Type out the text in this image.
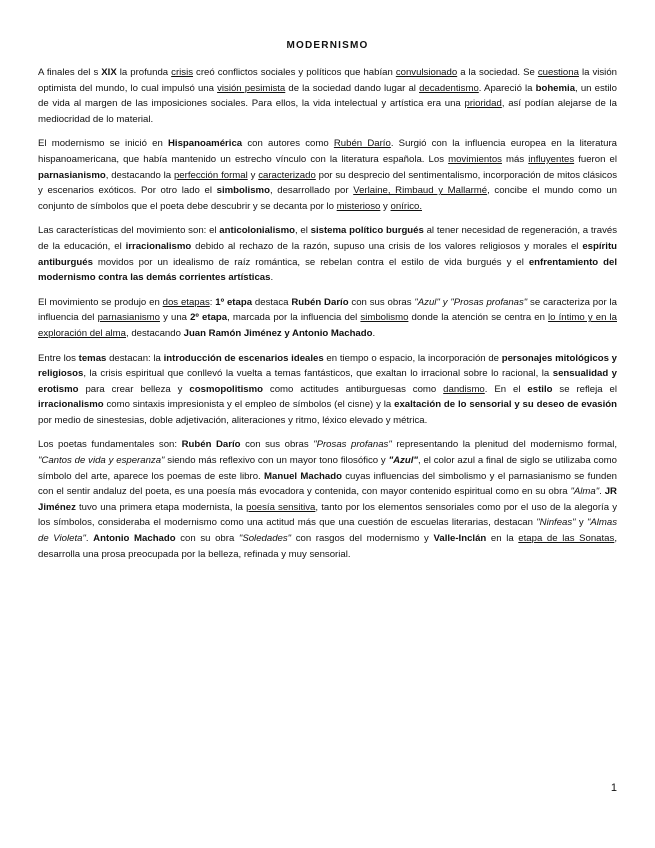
MODERNISMO

A finales del s XIX la profunda crisis creó conflictos sociales y políticos que habían convulsionado a la sociedad. Se cuestiona la visión optimista del mundo, lo cual impulsó una visión pesimista de la sociedad dando lugar al decadentismo. Apareció la bohemia, un estilo de vida al margen de las imposiciones sociales. Para ellos, la vida intelectual y artística era una prioridad, así podían alejarse de la mediocridad de lo material.

El modernismo se inició en Hispanoamérica con autores como Rubén Darío. Surgió con la influencia europea en la literatura hispanoamericana, que había mantenido un estrecho vínculo con la literatura española. Los movimientos más influyentes fueron el parnasianismo, destacando la perfección formal y caracterizado por su desprecio del sentimentalismo, incorporación de mitos clásicos y escenarios exóticos. Por otro lado el simbolismo, desarrollado por Verlaine, Rimbaud y Mallarmé, concibe el mundo como un conjunto de símbolos que el poeta debe descubrir y se decanta por lo misterioso y onírico.

Las características del movimiento son: el anticolonialismo, el sistema político burgués al tener necesidad de regeneración, a través de la educación, el irracionalismo debido al rechazo de la razón, supuso una crisis de los valores religiosos y morales el espíritu antiburgués movidos por un idealismo de raíz romántica, se rebelan contra el estilo de vida burgués y el enfrentamiento del modernismo contra las demás corrientes artísticas.

El movimiento se produjo en dos etapas: 1º etapa destaca Rubén Darío con sus obras "Azul" y "Prosas profanas" se caracteriza por la influencia del parnasianismo y una 2º etapa, marcada por la influencia del simbolismo donde la atención se centra en lo íntimo y en la exploración del alma, destacando Juan Ramón Jiménez y Antonio Machado.

Entre los temas destacan: la introducción de escenarios ideales en tiempo o espacio, la incorporación de personajes mitológicos y religiosos, la crisis espiritual que conllevó la vuelta a temas fantásticos, que exaltan lo irracional sobre lo racional, la sensualidad y erotismo para crear belleza y cosmopolitismo como actitudes antiburguesas como dandismo. En el estilo se refleja el irracionalismo como sintaxis impresionista y el empleo de símbolos (el cisne) y la exaltación de lo sensorial y su deseo de evasión por medio de sinestesias, doble adjetivación, aliteraciones y ritmo, léxico elevado y métrica.

Los poetas fundamentales son: Rubén Darío con sus obras "Prosas profanas" representando la plenitud del modernismo formal, "Cantos de vida y esperanza" siendo más reflexivo con un mayor tono filosófico y "Azul", el color azul a final de siglo se utilizaba como símbolo del arte, aparece los poemas de este libro. Manuel Machado cuyas influencias del simbolismo y el parnasianismo se funden con el sentir andaluz del poeta, es una poesía más evocadora y contenida, con mayor contenido espiritual como en su obra "Alma". JR Jiménez tuvo una primera etapa modernista, la poesía sensitiva, tanto por los elementos sensoriales como por el uso de la alegoría y los símbolos, consideraba el modernismo como una actitud más que una cuestión de escuelas literarias, destacan "Ninfeas" y "Almas de Violeta". Antonio Machado con su obra "Soledades" con rasgos del modernismo y Valle-Inclán en la etapa de las Sonatas, desarrolla una prosa preocupada por la belleza, refinada y muy sensorial.

1
